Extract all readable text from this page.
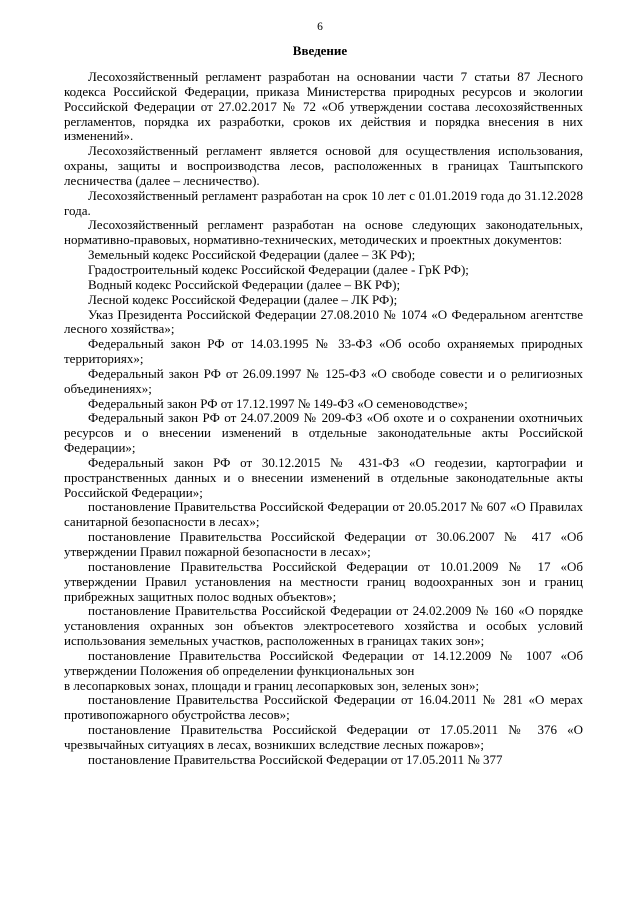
6
Введение

Лесохозяйственный регламент разработан на основании части 7 статьи 87 Лесного кодекса Российской Федерации, приказа Министерства природных ресурсов и экологии Российской Федерации от 27.02.2017 № 72 «Об утверждении состава лесохозяйственных регламентов, порядка их разработки, сроков их действия и порядка внесения в них изменений».

Лесохозяйственный регламент является основой для осуществления использования, охраны, защиты и воспроизводства лесов, расположенных в границах Таштыпского лесничества (далее – лесничество).

Лесохозяйственный регламент разработан на срок 10 лет с 01.01.2019 года до 31.12.2028 года.

Лесохозяйственный регламент разработан на основе следующих законодательных, нормативно-правовых, нормативно-технических, методических и проектных документов:

Земельный кодекс Российской Федерации (далее – ЗК РФ);

Градостроительный кодекс Российской Федерации (далее - ГрК РФ);

Водный кодекс Российской Федерации (далее – ВК РФ);

Лесной кодекс Российской Федерации (далее – ЛК РФ);

Указ Президента Российской Федерации 27.08.2010 № 1074 «О Федеральном агентстве лесного хозяйства»;

Федеральный закон РФ от 14.03.1995 № 33-ФЗ «Об особо охраняемых природных территориях»;

Федеральный закон РФ от 26.09.1997 № 125-ФЗ «О свободе совести и о религиозных объединениях»;

Федеральный закон РФ от 17.12.1997 № 149-ФЗ «О семеноводстве»;

Федеральный закон РФ от 24.07.2009 № 209-ФЗ «Об охоте и о сохранении охотничьих ресурсов и о внесении изменений в отдельные законодательные акты Российской Федерации»;

Федеральный закон РФ от 30.12.2015 № 431-ФЗ «О геодезии, картографии и пространственных данных и о внесении изменений в отдельные законодательные акты Российской Федерации»;

постановление Правительства Российской Федерации от 20.05.2017 № 607 «О Правилах санитарной безопасности в лесах»;

постановление Правительства Российской Федерации от 30.06.2007 № 417 «Об утверждении Правил пожарной безопасности в лесах»;

постановление Правительства Российской Федерации от 10.01.2009 № 17 «Об утверждении Правил установления на местности границ водоохранных зон и границ прибрежных защитных полос водных объектов»;

постановление Правительства Российской Федерации от 24.02.2009 № 160 «О порядке установления охранных зон объектов электросетевого хозяйства и особых условий использования земельных участков, расположенных в границах таких зон»;

постановление Правительства Российской Федерации от 14.12.2009 № 1007 «Об утверждении Положения об определении функциональных зон

в лесопарковых зонах, площади и границ лесопарковых зон, зеленых зон»;

постановление Правительства Российской Федерации от 16.04.2011 № 281 «О мерах противопожарного обустройства лесов»;

постановление Правительства Российской Федерации от 17.05.2011 № 376 «О чрезвычайных ситуациях в лесах, возникших вследствие лесных пожаров»;

постановление Правительства Российской Федерации от 17.05.2011 № 377
